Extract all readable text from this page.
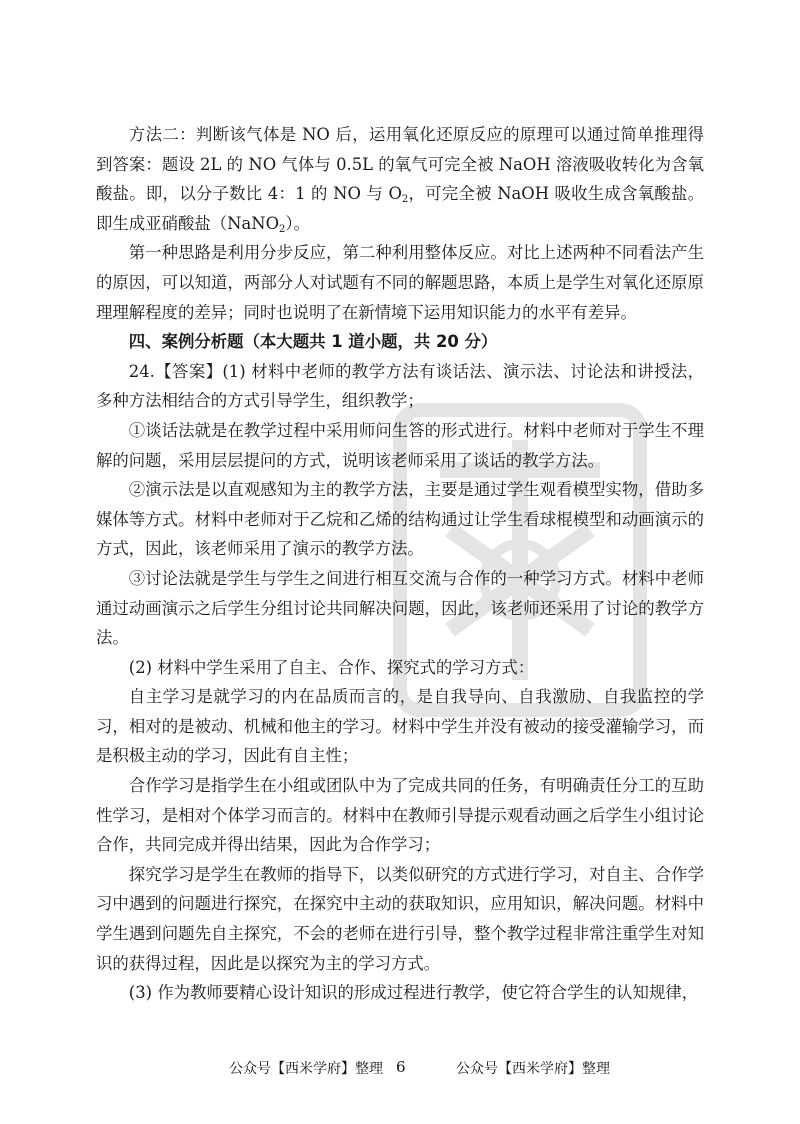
方法二：判断该气体是 NO 后，运用氧化还原反应的原理可以通过简单推理得到答案：题设 2L 的 NO 气体与 0.5L 的氧气可完全被 NaOH 溶液吸收转化为含氧酸盐。即，以分子数比 4：1 的 NO 与 $O_2$，可完全被 NaOH 吸收生成含氧酸盐。即生成亚硝酸盐（NaNO$_2$）。

第一种思路是利用分步反应，第二种利用整体反应。对比上述两种不同看法产生的原因，可以知道，两部分人对试题有不同的解题思路，本质上是学生对氧化还原原理理解程度的差异；同时也说明了在新情境下运用知识能力的水平有差异。

四、案例分析题（本大题共 1 道小题，共 20 分）

24.【答案】(1) 材料中老师的教学方法有谈话法、演示法、讨论法和讲授法，多种方法相结合的方式引导学生，组织教学；

①谈话法就是在教学过程中采用师问生答的形式进行。材料中老师对于学生不理解的问题，采用层层提问的方式，说明该老师采用了谈话的教学方法。

②演示法是以直观感知为主的教学方法，主要是通过学生观看模型实物，借助多媒体等方式。材料中老师对于乙烷和乙烯的结构通过让学生看球棍模型和动画演示的方式，因此，该老师采用了演示的教学方法。

③讨论法就是学生与学生之间进行相互交流与合作的一种学习方式。材料中老师通过动画演示之后学生分组讨论共同解决问题，因此，该老师还采用了讨论的教学方法。

(2) 材料中学生采用了自主、合作、探究式的学习方式：

自主学习是就学习的内在品质而言的，是自我导向、自我激励、自我监控的学习，相对的是被动、机械和他主的学习。材料中学生并没有被动的接受灌输学习，而是积极主动的学习，因此有自主性；

合作学习是指学生在小组或团队中为了完成共同的任务，有明确责任分工的互助性学习，是相对个体学习而言的。材料中在教师引导提示观看动画之后学生小组讨论合作，共同完成并得出结果，因此为合作学习；

探究学习是学生在教师的指导下，以类似研究的方式进行学习，对自主、合作学习中遇到的问题进行探究，在探究中主动的获取知识，应用知识，解决问题。材料中学生遇到问题先自主探究，不会的老师在进行引导，整个教学过程非常注重学生对知识的获得过程，因此是以探究为主的学习方式。

(3) 作为教师要精心设计知识的形成过程进行教学，使它符合学生的认知规律，

公众号【西米学府】整理 6	公众号【西米学府】整理
